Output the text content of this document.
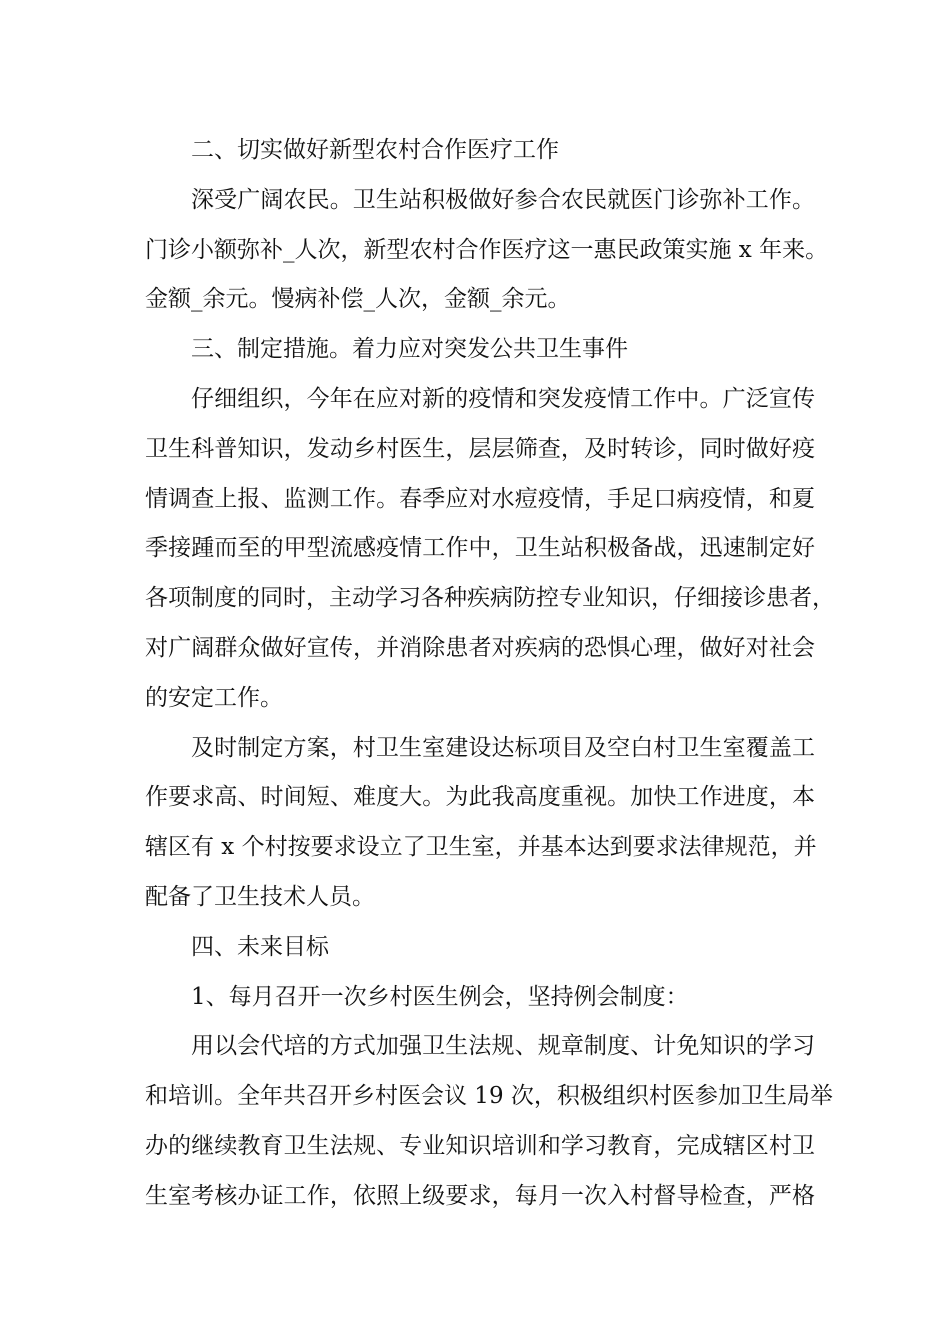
二、切实做好新型农村合作医疗工作
深受广阔农民。卫生站积极做好参合农民就医门诊弥补工作。
门诊小额弥补_人次，新型农村合作医疗这一惠民政策实施 x 年来。
金额_余元。慢病补偿_人次，金额_余元。
三、制定措施。着力应对突发公共卫生事件
仔细组织，今年在应对新的疫情和突发疫情工作中。广泛宣传
卫生科普知识，发动乡村医生，层层筛查，及时转诊，同时做好疫
情调查上报、监测工作。春季应对水痘疫情，手足口病疫情，和夏
季接踵而至的甲型流感疫情工作中，卫生站积极备战，迅速制定好
各项制度的同时，主动学习各种疾病防控专业知识，仔细接诊患者，
对广阔群众做好宣传，并消除患者对疾病的恐惧心理，做好对社会
的安定工作。
及时制定方案，村卫生室建设达标项目及空白村卫生室覆盖工
作要求高、时间短、难度大。为此我高度重视。加快工作进度，本
辖区有 x 个村按要求设立了卫生室，并基本达到要求法律规范，并
配备了卫生技术人员。
四、未来目标
1、每月召开一次乡村医生例会，坚持例会制度：
用以会代培的方式加强卫生法规、规章制度、计免知识的学习
和培训。全年共召开乡村医会议 19 次，积极组织村医参加卫生局举
办的继续教育卫生法规、专业知识培训和学习教育，完成辖区村卫
生室考核办证工作，依照上级要求，每月一次入村督导检查，严格
